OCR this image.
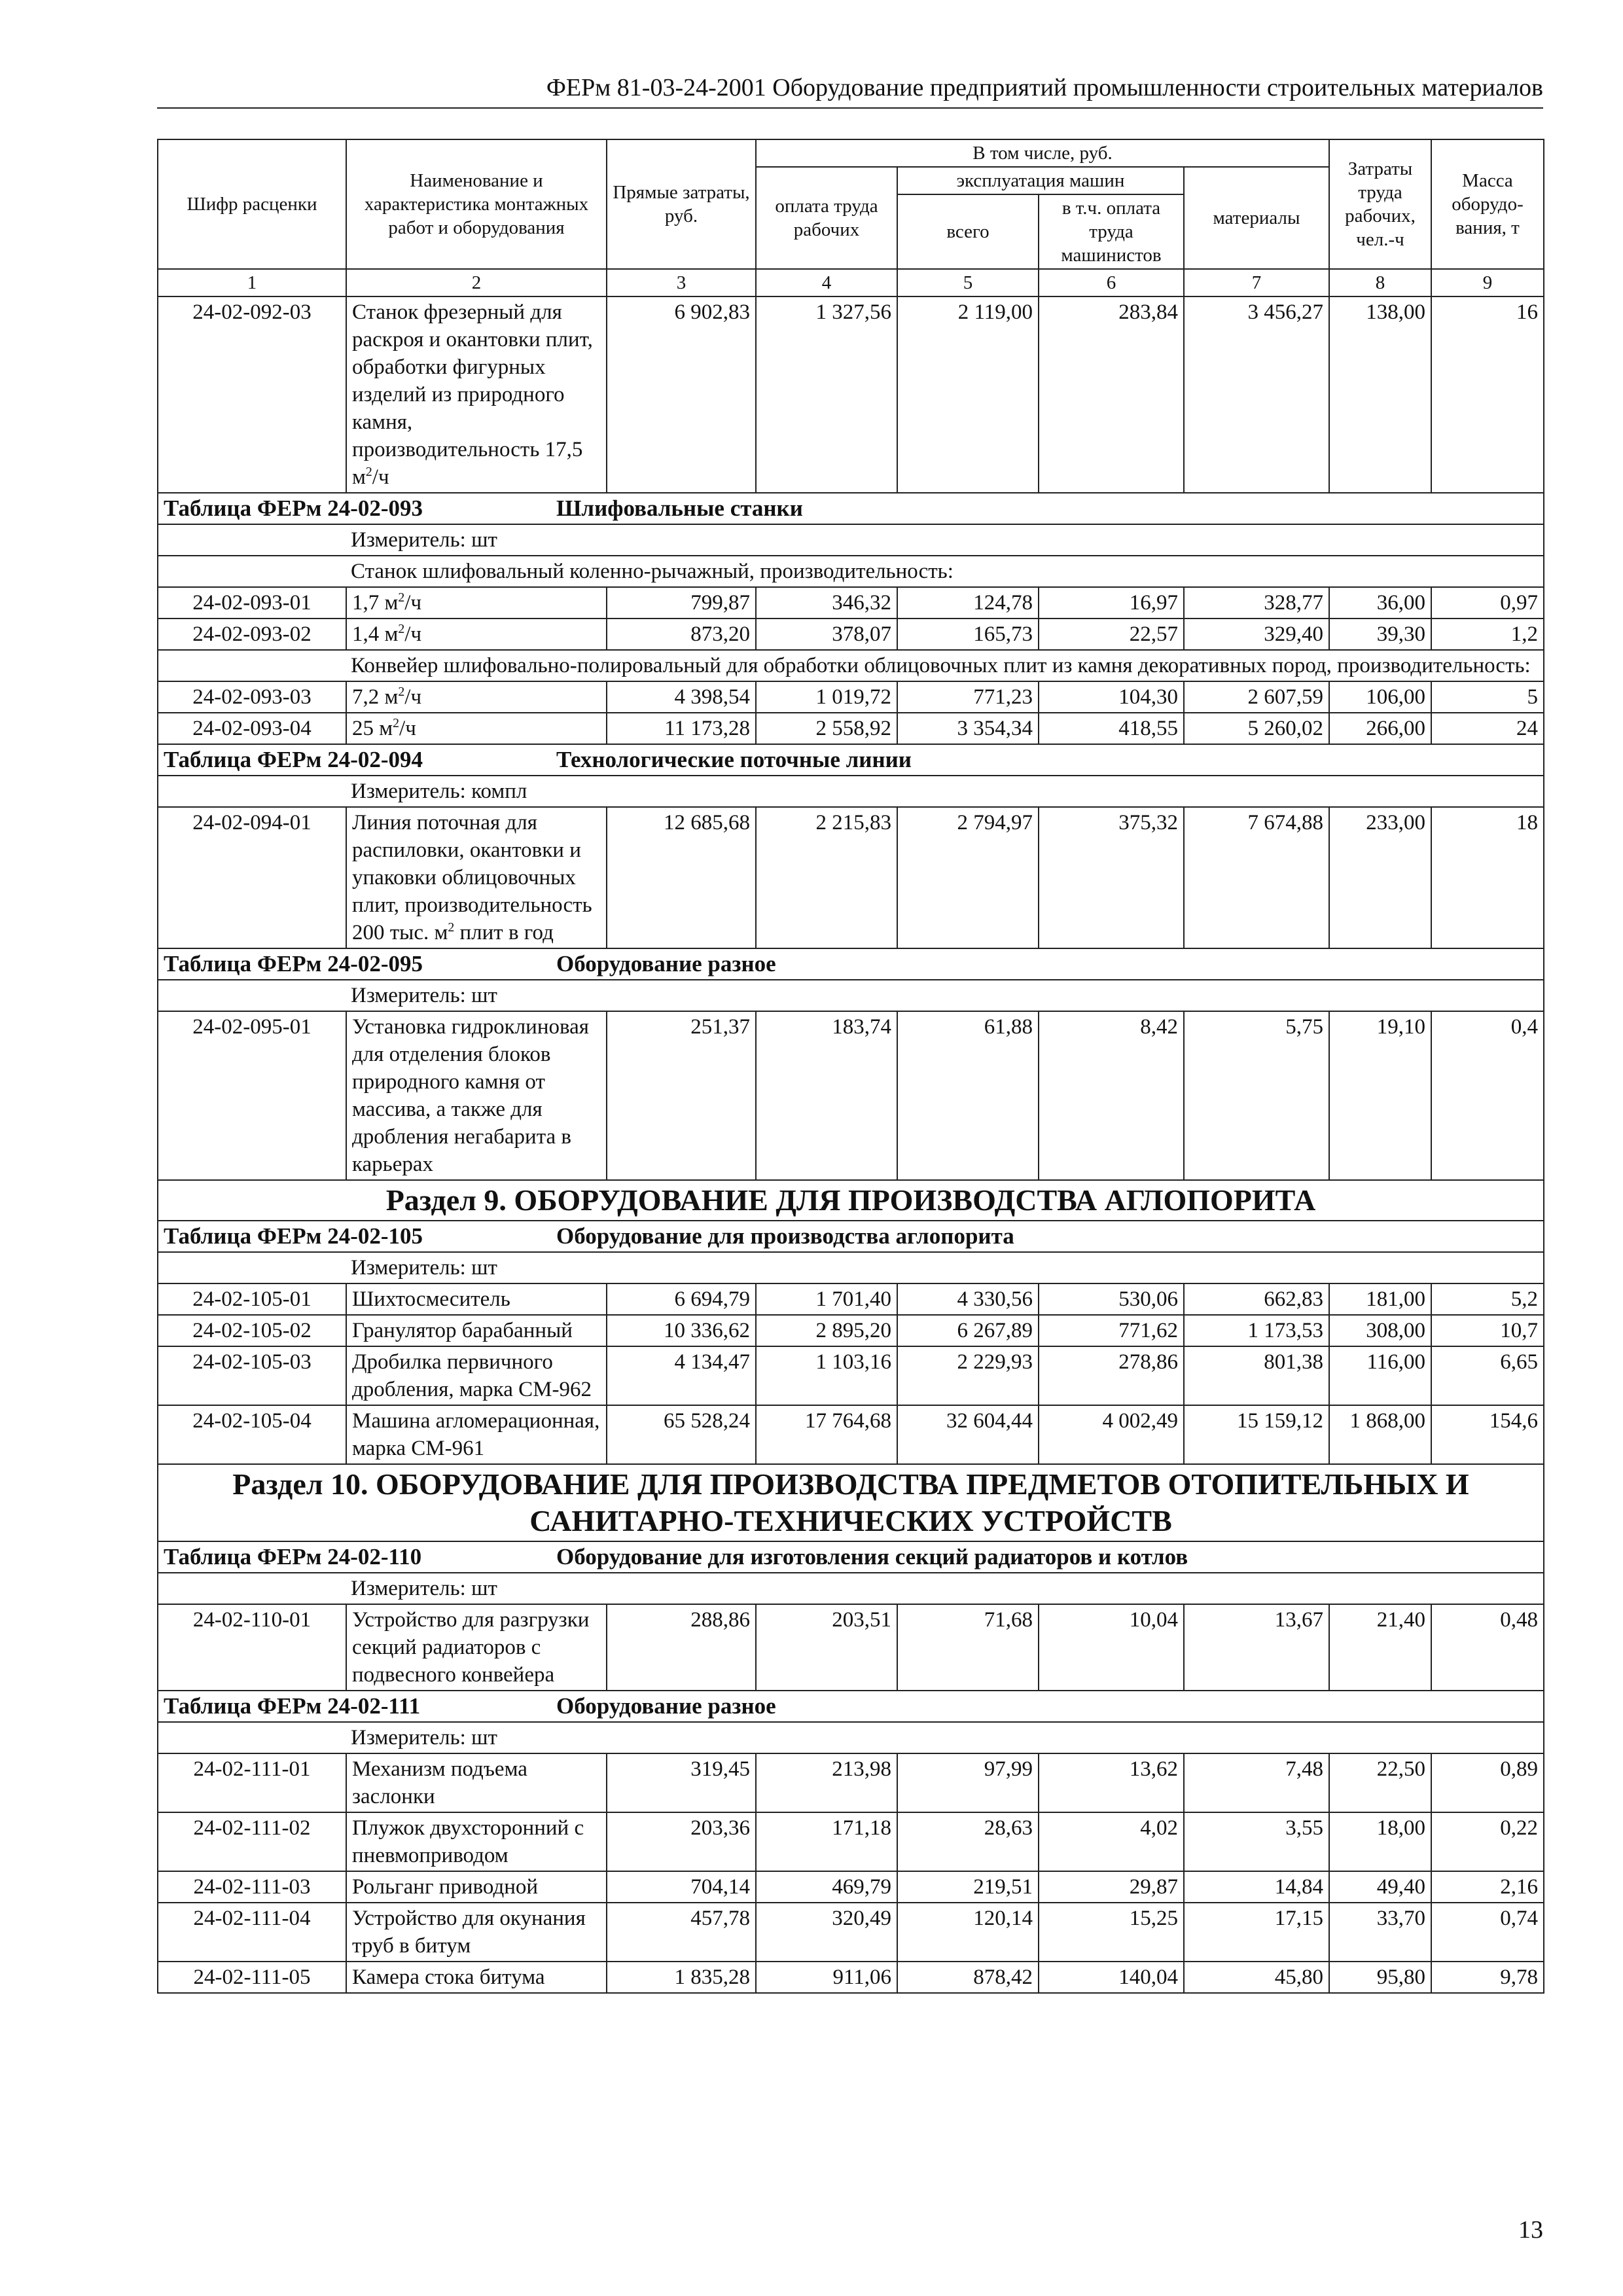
ФЕРм 81-03-24-2001 Оборудование предприятий промышленности строительных материалов
Шифр расценки	Наименование и характеристика монтажных работ и оборудования	Прямые затраты, руб.	В том числе, руб.				Затраты труда рабочих, чел.-ч	Масса оборудо-вания, т
			оплата труда рабочих	эксплуатация машин		материалы		
				всего	в т.ч. оплата труда машинистов			
1	2	3	4	5	6	7	8	9
24-02-092-03	Станок фрезерный для раскроя и окантовки плит, обработки фигурных изделий из природного камня, производительность 17,5 $м^2/ч$	6 902,83	1 327,56	2 119,00	283,84	3 456,27	138,00	16
Таблица ФЕРм 24-02-093 Шлифовальные станки								
Измеритель: шт								
Станок шлифовальный коленно-рычажный, производительность:								
24-02-093-01	1,7 $м^2/ч$	799,87	346,32	124,78	16,97	328,77	36,00	0,97
24-02-093-02	1,4 $м^2/ч$	873,20	378,07	165,73	22,57	329,40	39,30	1,2
Конвейер шлифовально-полировальный для обработки облицовочных плит из камня декоративных пород, производительность:								
24-02-093-03	7,2 $м^2/ч$	4 398,54	1 019,72	771,23	104,30	2 607,59	106,00	5
24-02-093-04	25 $м^2/ч$	11 173,28	2 558,92	3 354,34	418,55	5 260,02	266,00	24
Таблица ФЕРм 24-02-094 Технологические поточные линии								
Измеритель: компл								
24-02-094-01	Линия поточная для распиловки, окантовки и упаковки облицовочных плит, производительность 200 тыс. $м^2$ плит в год	12 685,68	2 215,83	2 794,97	375,32	7 674,88	233,00	18
Таблица ФЕРм 24-02-095 Оборудование разное								
Измеритель: шт								
24-02-095-01	Установка гидроклиновая для отделения блоков природного камня от массива, а также для дробления негабарита в карьерах	251,37	183,74	61,88	8,42	5,75	19,10	0,4
Раздел 9. ОБОРУДОВАНИЕ ДЛЯ ПРОИЗВОДСТВА АГЛОПОРИТА								
Таблица ФЕРм 24-02-105 Оборудование для производства аглопорита								
Измеритель: шт								
24-02-105-01	Шихтосмеситель	6 694,79	1 701,40	4 330,56	530,06	662,83	181,00	5,2
24-02-105-02	Гранулятор барабанный	10 336,62	2 895,20	6 267,89	771,62	1 173,53	308,00	10,7
24-02-105-03	Дробилка первичного дробления, марка СМ-962	4 134,47	1 103,16	2 229,93	278,86	801,38	116,00	6,65
24-02-105-04	Машина агломерационная, марка СМ-961	65 528,24	17 764,68	32 604,44	4 002,49	15 159,12	1 868,00	154,6
Раздел 10. ОБОРУДОВАНИЕ ДЛЯ ПРОИЗВОДСТВА ПРЕДМЕТОВ ОТОПИТЕЛЬНЫХ И САНИТАРНО-ТЕХНИЧЕСКИХ УСТРОЙСТВ								
Таблица ФЕРм 24-02-110 Оборудование для изготовления секций радиаторов и котлов								
Измеритель: шт								
24-02-110-01	Устройство для разгрузки секций радиаторов с подвесного конвейера	288,86	203,51	71,68	10,04	13,67	21,40	0,48
Таблица ФЕРм 24-02-111 Оборудование разное								
Измеритель: шт								
24-02-111-01	Механизм подъема заслонки	319,45	213,98	97,99	13,62	7,48	22,50	0,89
24-02-111-02	Плужок двухсторонний с пневмоприводом	203,36	171,18	28,63	4,02	3,55	18,00	0,22
24-02-111-03	Рольганг приводной	704,14	469,79	219,51	29,87	14,84	49,40	2,16
24-02-111-04	Устройство для окунания труб в битум	457,78	320,49	120,14	15,25	17,15	33,70	0,74
24-02-111-05	Камера стока битума	1 835,28	911,06	878,42	140,04	45,80	95,80	9,78
13
